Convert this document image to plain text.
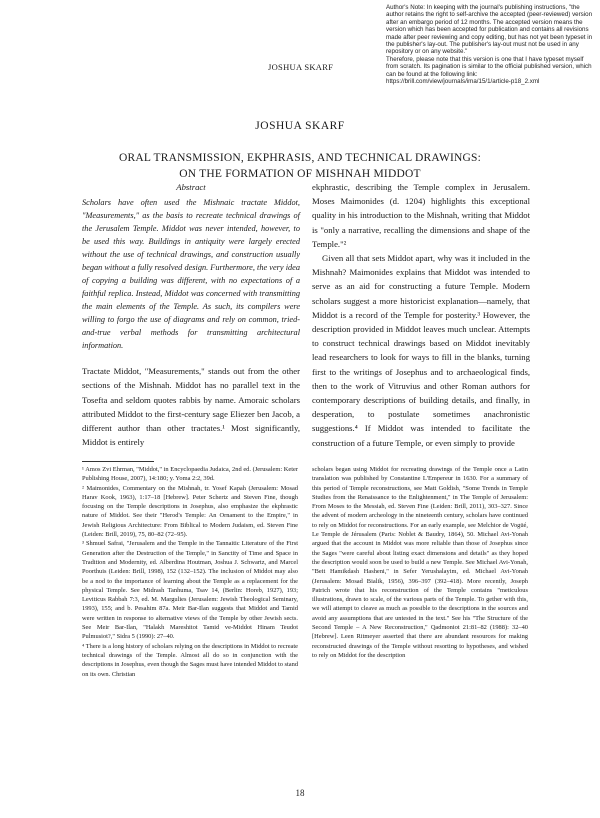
Author's Note: In keeping with the journal's publishing instructions, "the author retains the right to self-archive the accepted (peer-reviewed) version after an embargo period of 12 months. The accepted version means the version which has been accepted for publication and contains all revisions made after peer reviewing and copy editing, but has not yet been typeset in the publisher's lay-out. The publisher's lay-out must not be used in any repository or on any website."

Therefore, please note that this version is one that I have typeset myself from scratch. Its pagination is similar to the official published version, which can be found at the following link:

https://brill.com/view/journals/ima/15/1/article-p18_2.xml

JOSHUA SKARF
JOSHUA SKARF
ORAL TRANSMISSION, EKPHRASIS, AND TECHNICAL DRAWINGS:
ON THE FORMATION OF MISHNAH MIDDOT
Abstract

Scholars have often used the Mishnaic tractate Middot, "Measurements," as the basis to recreate technical drawings of the Jerusalem Temple. Middot was never intended, however, to be used this way. Buildings in antiquity were largely erected without the use of technical drawings, and construction usually began without a fully resolved design. Furthermore, the very idea of copying a building was different, with no expectations of a faithful replica. Instead, Middot was concerned with transmitting the main elements of the Temple. As such, its compilers were willing to forgo the use of diagrams and rely on common, tried-and-true verbal methods for transmitting architectural information.

Tractate Middot, "Measurements," stands out from the other sections of the Mishnah. Middot has no parallel text in the Tosefta and seldom quotes rabbis by name. Amoraic scholars attributed Middot to the first-century sage Eliezer ben Jacob, a different author than other tractates.¹ Most significantly, Middot is entirely

ekphrastic, describing the Temple complex in Jerusalem. Moses Maimonides (d. 1204) highlights this exceptional quality in his introduction to the Mishnah, writing that Middot is "only a narrative, recalling the dimensions and shape of the Temple."²

Given all that sets Middot apart, why was it included in the Mishnah? Maimonides explains that Middot was intended to serve as an aid for constructing a future Temple. Modern scholars suggest a more historicist explanation—namely, that Middot is a record of the Temple for posterity.³ However, the description provided in Middot leaves much unclear. Attempts to construct technical drawings based on Middot inevitably lead researchers to look for ways to fill in the blanks, turning first to the writings of Josephus and to archaeological finds, then to the work of Vitruvius and other Roman authors for contemporary descriptions of building details, and finally, in desperation, to postulate sometimes anachronistic suggestions.⁴ If Middot was intended to facilitate the construction of a future Temple, or even simply to provide

¹ Amos Zvi Ehrman, "Middot," in Encyclopaedia Judaica, 2nd ed. (Jerusalem: Keter Publishing House, 2007), 14:180; y. Yoma 2:2, 39d.

² Maimonides, Commentary on the Mishnah, tr. Yosef Kapah (Jerusalem: Mosad Harav Kook, 1963), 1:17–18 [Hebrew]. Peter Schertz and Steven Fine, though focusing on the Temple descriptions in Josephus, also emphasize the ekphrastic nature of Middot. See their "Herod's Temple: An Ornament to the Empire," in Jewish Religious Architecture: From Biblical to Modern Judaism, ed. Steven Fine (Leiden: Brill, 2019), 75, 80–82 (72–95).

³ Shmuel Safrai, "Jerusalem and the Temple in the Tannaitic Literature of the First Generation after the Destruction of the Temple," in Sanctity of Time and Space in Tradition and Modernity, ed. Alberdina Houtman, Joshua J. Schwartz, and Marcel Poorthuis (Leiden: Brill, 1998), 152 (132–152). The inclusion of Middot may also be a nod to the importance of learning about the Temple as a replacement for the physical Temple. See Midrash Tanhuma, Tsav 14, (Berlin: Horeb, 1927), 193; Leviticus Rabbah 7:3, ed. M. Margulies (Jerusalem: Jewish Theological Seminary, 1993), 155; and b. Pesahim 87a. Meir Bar-Ilan suggests that Middot and Tamid were written in response to alternative views of the Temple by other Jewish sects. See Meir Bar-Ilan, "Halakh Mareshitot Tamid ve-Middot Hinam Teudot Pulmusiot?," Sidra 5 (1990): 27–40.

⁴ There is a long history of scholars relying on the descriptions in Middot to recreate technical drawings of the Temple. Almost all do so in conjunction with the descriptions in Josephus, even though the Sages must have intended Middot to stand on its own. Christian

scholars began using Middot for recreating drawings of the Temple once a Latin translation was published by Constantine L'Empereur in 1630. For a summary of this period of Temple reconstructions, see Matt Goldish, "Some Trends in Temple Studies from the Renaissance to the Enlightenment," in The Temple of Jerusalem: From Moses to the Messiah, ed. Steven Fine (Leiden: Brill, 2011), 303–327. Since the advent of modern archeology in the nineteenth century, scholars have continued to rely on Middot for reconstructions. For an early example, see Melchior de Vogüé, Le Temple de Jérusalem (Paris: Noblet & Baudry, 1864), 50. Michael Avi-Yonah argued that the account in Middot was more reliable than those of Josephus since the Sages "were careful about listing exact dimensions and details" as they hoped the description would soon be used to build a new Temple. See Michael Avi-Yonah, "Beit Hamikdash Hasheni," in Sefer Yerushalayim, ed. Michael Avi-Yonah (Jerusalem: Mosad Bialik, 1956), 396–397 (392–418). More recently, Joseph Patrich wrote that his reconstruction of the Temple contains "meticulous illustrations, drawn to scale, of the various parts of the Temple. To gether with this, we will attempt to cleave as much as possible to the descriptions in the sources and avoid any assumptions that are untested in the text." See his "The Structure of the Second Temple – A New Reconstruction," Qadmoniot 21:81–82 (1988): 32–40 [Hebrew]. Leen Ritmeyer asserted that there are abundant resources for making reconstructed drawings of the Temple without resorting to hypotheses, and wished to rely on Middot for the description

18
